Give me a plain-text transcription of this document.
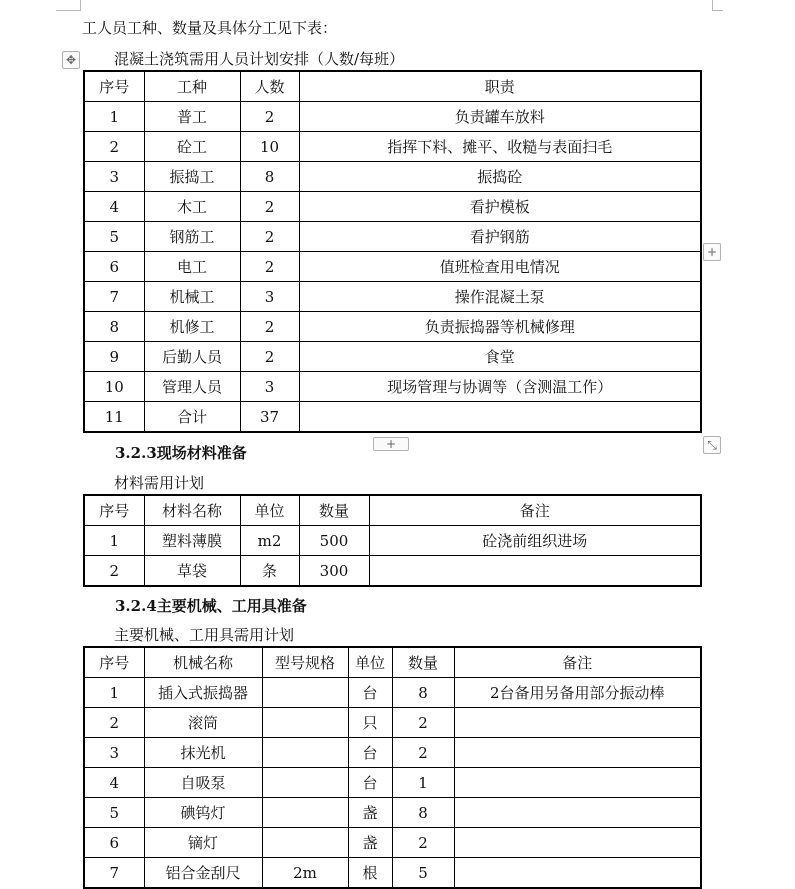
工人员工种、数量及具体分工见下表：
✥	混凝土浇筑需用人员计划安排（人数/每班）
序号	工种	人数	职责
1	普工	2	负责罐车放料
2	砼工	10	指挥下料、摊平、收糙与表面扫毛
3	振捣工	8	振捣砼
4	木工	2	看护模板
5	钢筋工	2	看护钢筋
6	电工	2	值班检查用电情况
7	机械工	3	操作混凝土泵
8	机修工	2	负责振捣器等机械修理
9	后勤人员	2	食堂
10	管理人员	3	现场管理与协调等（含测温工作）
11	合计	37	
+
+	⤡
3.2.3现场材料准备
材料需用计划
序号	材料名称	单位	数量	备注
1	塑料薄膜	m2	500	砼浇前组织进场
2	草袋	条	300	
3.2.4主要机械、工用具准备
主要机械、工用具需用计划
序号	机械名称	型号规格	单位	数量	备注
1	插入式振捣器		台	8	2台备用另备用部分振动棒
2	滚筒		只	2	
3	抹光机		台	2	
4	自吸泵		台	1	
5	碘钨灯		盏	8	
6	镝灯		盏	2	
7	铝合金刮尺	2m	根	5	
